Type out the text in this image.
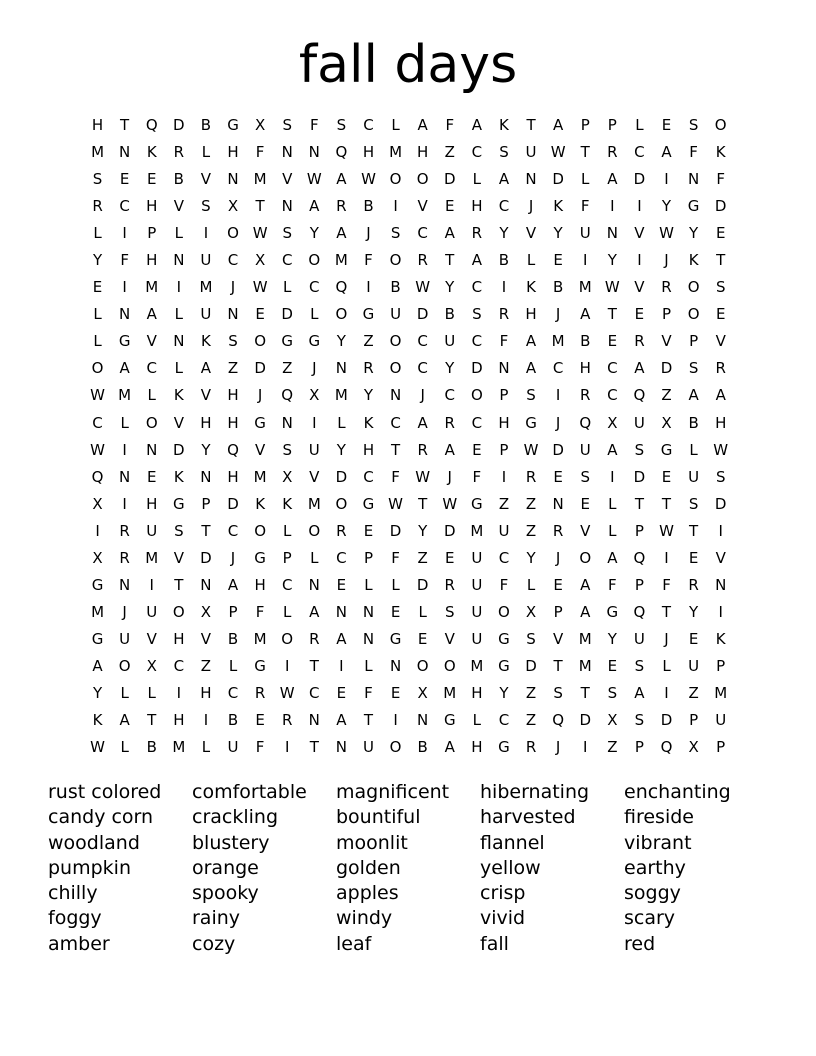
fall days
H	T	Q	D	B	G	X	S	F	S	C	L	A	F	A	K	T	A	P	P	L	E	S	O
M	N	K	R	L	H	F	N	N	Q	H	M	H	Z	C	S	U	W	T	R	C	A	F	K
S	E	E	B	V	N	M	V	W	A	W	O	O	D	L	A	N	D	L	A	D	I	N	F
R	C	H	V	S	X	T	N	A	R	B	I	V	E	H	C	J	K	F	I	I	Y	G	D
L	I	P	L	I	O	W	S	Y	A	J	S	C	A	R	Y	V	Y	U	N	V	W	Y	E
Y	F	H	N	U	C	X	C	O	M	F	O	R	T	A	B	L	E	I	Y	I	J	K	T
E	I	M	I	M	J	W	L	C	Q	I	B	W	Y	C	I	K	B	M	W	V	R	O	S
L	N	A	L	U	N	E	D	L	O	G	U	D	B	S	R	H	J	A	T	E	P	O	E
L	G	V	N	K	S	O	G	G	Y	Z	O	C	U	C	F	A	M	B	E	R	V	P	V
O	A	C	L	A	Z	D	Z	J	N	R	O	C	Y	D	N	A	C	H	C	A	D	S	R
W	M	L	K	V	H	J	Q	X	M	Y	N	J	C	O	P	S	I	R	C	Q	Z	A	A
C	L	O	V	H	H	G	N	I	L	K	C	A	R	C	H	G	J	Q	X	U	X	B	H
W	I	N	D	Y	Q	V	S	U	Y	H	T	R	A	E	P	W	D	U	A	S	G	L	W
Q	N	E	K	N	H	M	X	V	D	C	F	W	J	F	I	R	E	S	I	D	E	U	S
X	I	H	G	P	D	K	K	M	O	G	W	T	W	G	Z	Z	N	E	L	T	T	S	D
I	R	U	S	T	C	O	L	O	R	E	D	Y	D	M	U	Z	R	V	L	P	W	T	I
X	R	M	V	D	J	G	P	L	C	P	F	Z	E	U	C	Y	J	O	A	Q	I	E	V
G	N	I	T	N	A	H	C	N	E	L	L	D	R	U	F	L	E	A	F	P	F	R	N
M	J	U	O	X	P	F	L	A	N	N	E	L	S	U	O	X	P	A	G	Q	T	Y	I
G	U	V	H	V	B	M	O	R	A	N	G	E	V	U	G	S	V	M	Y	U	J	E	K
A	O	X	C	Z	L	G	I	T	I	L	N	O	O	M	G	D	T	M	E	S	L	U	P
Y	L	L	I	H	C	R	W	C	E	F	E	X	M	H	Y	Z	S	T	S	A	I	Z	M
K	A	T	H	I	B	E	R	N	A	T	I	N	G	L	C	Z	Q	D	X	S	D	P	U
W	L	B	M	L	U	F	I	T	N	U	O	B	A	H	G	R	J	I	Z	P	Q	X	P
rust colored	comfortable	magnificent	hibernating	enchanting
candy corn	crackling	bountiful	harvested	fireside
woodland	blustery	moonlit	flannel	vibrant
pumpkin	orange	golden	yellow	earthy
chilly	spooky	apples	crisp	soggy
foggy	rainy	windy	vivid	scary
amber	cozy	leaf	fall	red
